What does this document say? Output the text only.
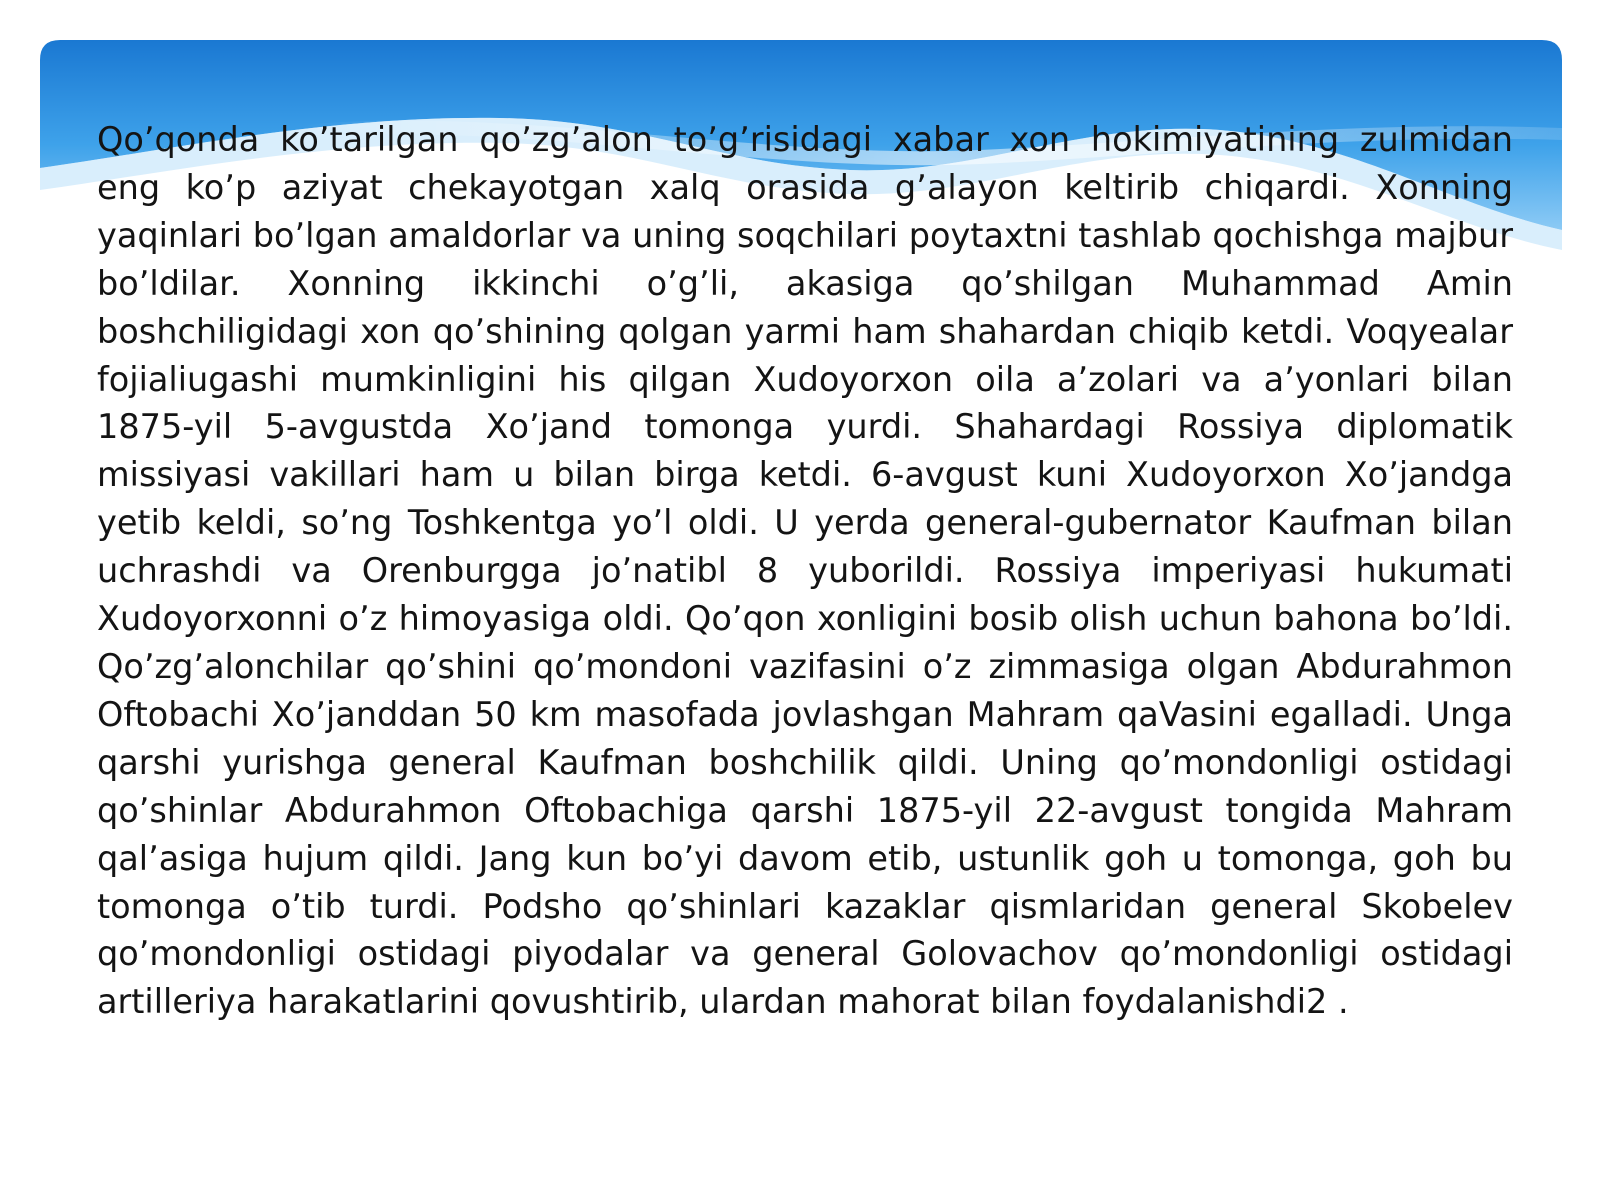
Qo’qonda ko’tarilgan qo’zg’alon to’g’risidagi xabar xon hokimiyatining zulmidan eng ko’p aziyat chekayotgan xalq orasida g’alayon keltirib chiqardi. Xonning yaqinlari bo’lgan amaldorlar va uning soqchilari poytaxtni tashlab qochishga majbur bo’ldilar. Xonning ikkinchi o’g’li, akasiga qo’shilgan Muhammad Amin boshchiligidagi xon qo’shining qolgan yarmi ham shahardan chiqib ketdi. Voqyealar fojialiugashi mumkinligini his qilgan Xudoyorxon oila a’zolari va a’yonlari bilan 1875-yil 5-avgustda Xo’jand tomonga yurdi. Shahardagi Rossiya diplomatik missiyasi vakillari ham u bilan birga ketdi. 6-avgust kuni Xudoyorxon Xo’jandga yetib keldi, so’ng Toshkentga yo’l oldi. U yerda general-gubernator Kaufman bilan uchrashdi va Orenburgga jo’natibl 8 yuborildi. Rossiya imperiyasi hukumati Xudoyorxonni o’z himoyasiga oldi. Qo’qon xonligini bosib olish uchun bahona bo’ldi. Qo’zg’alonchilar qo’shini qo’mondoni vazifasini o’z zimmasiga olgan Abdurahmon Oftobachi Xo’janddan 50 km masofada jovlashgan Mahram qaVasini egalladi. Unga qarshi yurishga general Kaufman boshchilik qildi. Uning qo’mondonligi ostidagi qo’shinlar Abdurahmon Oftobachiga qarshi 1875-yil 22-avgust tongida Mahram qal’asiga hujum qildi. Jang kun bo’yi davom etib, ustunlik goh u tomonga, goh bu tomonga o’tib turdi. Podsho qo’shinlari kazaklar qismlaridan general Skobelev qo’mondonligi ostidagi piyodalar va general Golovachov qo’mondonligi ostidagi artilleriya harakatlarini qovushtirib, ulardan mahorat bilan foydalanishdi2 .
